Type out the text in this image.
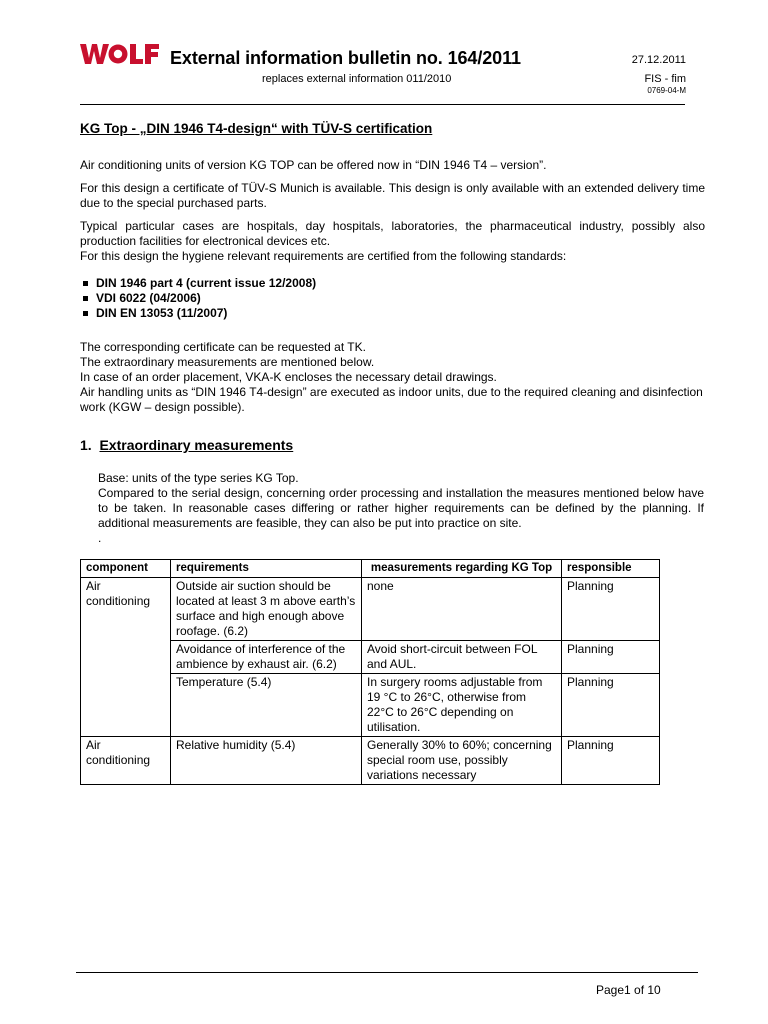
External information bulletin no. 164/2011	27.12.2011
replaces external information 011/2010	FIS - fim
0769-04-M
KG Top - „DIN 1946 T4-design“ with TÜV-S certification

Air conditioning units of version KG TOP can be offered now in “DIN 1946 T4 – version”.

For this design a certificate of TÜV-S Munich is available. This design is only available with an extended delivery time due to the special purchased parts.

Typical particular cases are hospitals, day hospitals, laboratories, the pharmaceutical industry, possibly also production facilities for electronical devices etc.

For this design the hygiene relevant requirements are certified from the following standards:

DIN 1946 part 4 (current issue 12/2008)
VDI 6022 (04/2006)
DIN EN 13053 (11/2007)

The corresponding certificate can be requested at TK.

The extraordinary measurements are mentioned below.

In case of an order placement, VKA-K encloses the necessary detail drawings.

Air handling units as “DIN 1946 T4-design” are executed as indoor units, due to the required cleaning and disinfection work (KGW – design possible).

1. Extraordinary measurements

Base: units of the type series KG Top.

Compared to the serial design, concerning order processing and installation the measures mentioned below have to be taken. In reasonable cases differing or rather higher requirements can be defined by the planning. If additional measurements are feasible, they can also be put into practice on site.

.

component	requirements	measurements regarding KG Top	responsible
Air conditioning	Outside air suction should be located at least 3 m above earth’s surface and high enough above roofage. (6.2)	none	Planning
	Avoidance of interference of the ambience by exhaust air. (6.2)	Avoid short-circuit between FOL and AUL.	Planning
	Temperature (5.4)	In surgery rooms adjustable from 19 °C to 26°C, otherwise from 22°C to 26°C depending on utilisation.	Planning
Air conditioning	Relative humidity (5.4)	Generally 30% to 60%; concerning special room use, possibly variations necessary	Planning
Page1 of 10
